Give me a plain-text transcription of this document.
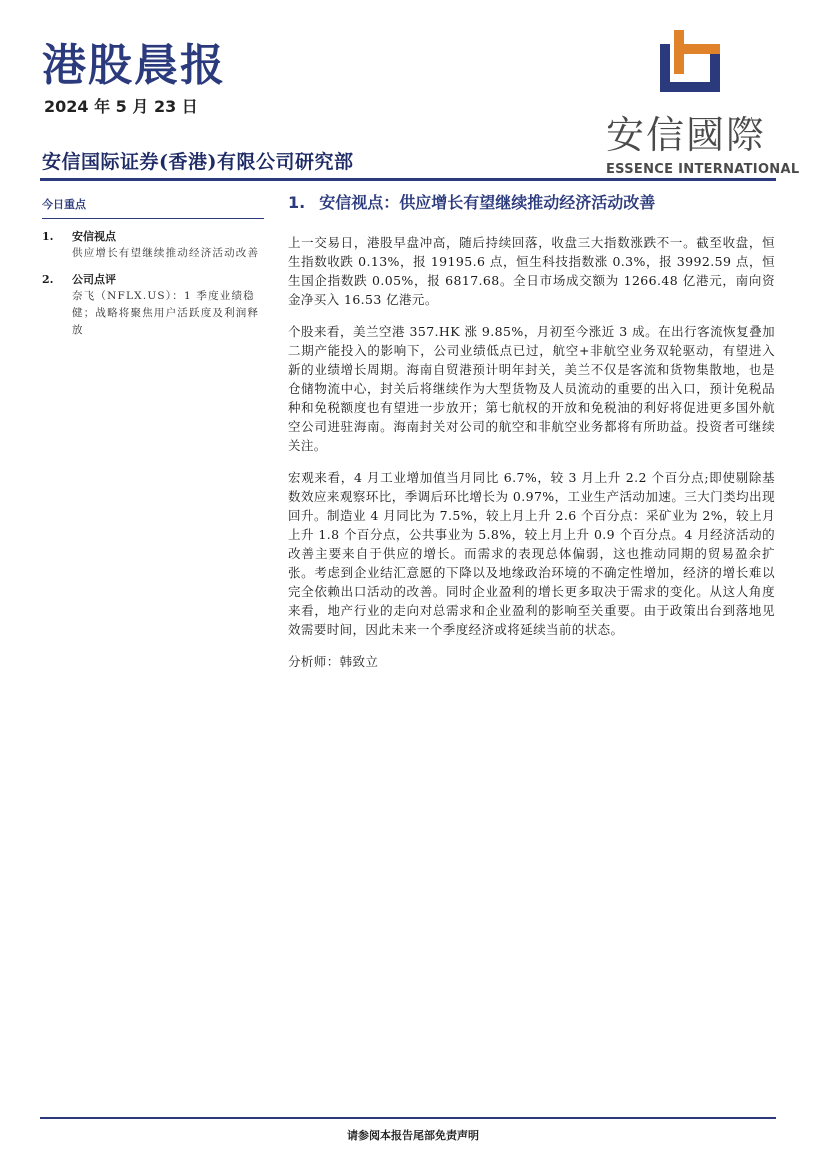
港股晨报
2024 年 5 月 23 日
安信国际证券(香港)有限公司研究部
安信國際
ESSENCE INTERNATIONAL
今日重点
1.	安信视点
供应增长有望继续推动经济活动改善
2.	公司点评
奈飞（NFLX.US）：1 季度业绩稳健；战略将聚焦用户活跃度及利润释放
1. 安信视点：供应增长有望继续推动经济活动改善

上一交易日，港股早盘冲高，随后持续回落，收盘三大指数涨跌不一。截至收盘，恒生指数收跌 0.13%，报 19195.6 点，恒生科技指数涨 0.3%，报 3992.59 点，恒生国企指数跌 0.05%，报 6817.68。全日市场成交额为 1266.48 亿港元，南向资金净买入 16.53 亿港元。

个股来看，美兰空港 357.HK 涨 9.85%，月初至今涨近 3 成。在出行客流恢复叠加二期产能投入的影响下，公司业绩低点已过，航空+非航空业务双轮驱动，有望进入新的业绩增长周期。海南自贸港预计明年封关，美兰不仅是客流和货物集散地，也是仓储物流中心，封关后将继续作为大型货物及人员流动的重要的出入口，预计免税品种和免税额度也有望进一步放开；第七航权的开放和免税油的利好将促进更多国外航空公司进驻海南。海南封关对公司的航空和非航空业务都将有所助益。投资者可继续关注。

宏观来看，4 月工业增加值当月同比 6.7%，较 3 月上升 2.2 个百分点;即使剔除基数效应来观察环比，季调后环比增长为 0.97%，工业生产活动加速。三大门类均出现回升。制造业 4 月同比为 7.5%，较上月上升 2.6 个百分点：采矿业为 2%，较上月上升 1.8 个百分点，公共事业为 5.8%，较上月上升 0.9 个百分点。4 月经济活动的改善主要来自于供应的增长。而需求的表现总体偏弱，这也推动同期的贸易盈余扩张。考虑到企业结汇意愿的下降以及地缘政治环境的不确定性增加，经济的增长难以完全依赖出口活动的改善。同时企业盈利的增长更多取决于需求的变化。从这人角度来看，地产行业的走向对总需求和企业盈利的影响至关重要。由于政策出台到落地见效需要时间，因此未来一个季度经济或将延续当前的状态。

分析师：韩致立

请参阅本报告尾部免责声明
